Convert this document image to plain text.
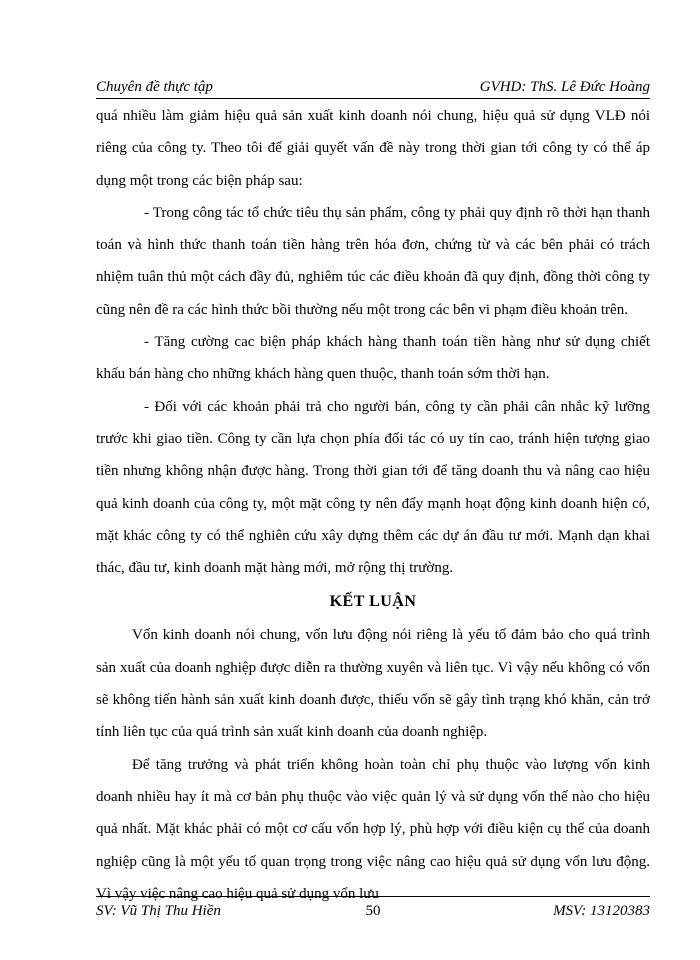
Chuyên đề thực tập	GVHD: ThS. Lê Đức Hoàng

quá nhiều làm giảm hiệu quả sản xuất kinh doanh nói chung, hiệu quả sử dụng VLĐ nói riêng của công ty. Theo tôi để giải quyết vấn đề này trong thời gian tới công ty có thể áp dụng một trong các biện pháp sau:

- Trong công tác tổ chức tiêu thụ sản phẩm, công ty phải quy định rõ thời hạn thanh toán và hình thức thanh toán tiền hàng trên hóa đơn, chứng từ và các bên phải có trách nhiệm tuân thủ một cách đầy đủ, nghiêm túc các điều khoản đã quy định, đồng thời công ty cũng nên đề ra các hình thức bồi thường nếu một trong các bên vi phạm điều khoản trên.

- Tăng cường cac biện pháp khách hàng thanh toán tiền hàng như sử dụng chiết khấu bán hàng cho những khách hàng quen thuộc, thanh toán sớm thời hạn.

- Đối với các khoản phải trả cho người bán, công ty cần phải cân nhắc kỹ lưỡng trước khi giao tiền. Công ty cần lựa chọn phía đối tác có uy tín cao, tránh hiện tượng giao tiền nhưng không nhận được hàng. Trong thời gian tới để tăng doanh thu và nâng cao hiệu quả kinh doanh của công ty, một mặt công ty nên đẩy mạnh hoạt động kinh doanh hiện có, mặt khác công ty có thể nghiên cứu xây dựng thêm các dự án đầu tư mới. Mạnh dạn khai thác, đầu tư, kinh doanh mặt hàng mới, mở rộng thị trường.

KẾT LUẬN

Vốn kinh doanh nói chung, vốn lưu động nói riêng là yếu tố đảm bảo cho quá trình sản xuất của doanh nghiệp được diễn ra thường xuyên và liên tục. Vì vậy nếu không có vốn sẽ không tiến hành sản xuất kinh doanh được, thiếu vốn sẽ gây tình trạng khó khăn, cản trở tính liên tục của quá trình sản xuất kinh doanh của doanh nghiệp.

Để tăng trưởng và phát triển không hoàn toàn chỉ phụ thuộc vào lượng vốn kinh doanh nhiều hay ít mà cơ bản phụ thuộc vào việc quản lý và sử dụng vốn thế nào cho hiệu quả nhất. Mặt khác phải có một cơ cấu vốn hợp lý, phù hợp với điều kiện cụ thể của doanh nghiệp cũng là một yếu tố quan trọng trong việc nâng cao hiệu quả sử dụng vốn lưu động. Vì vậy việc nâng cao hiệu quả sử dụng vốn lưu

SV: Vũ Thị Thu Hiền	50	MSV: 13120383
